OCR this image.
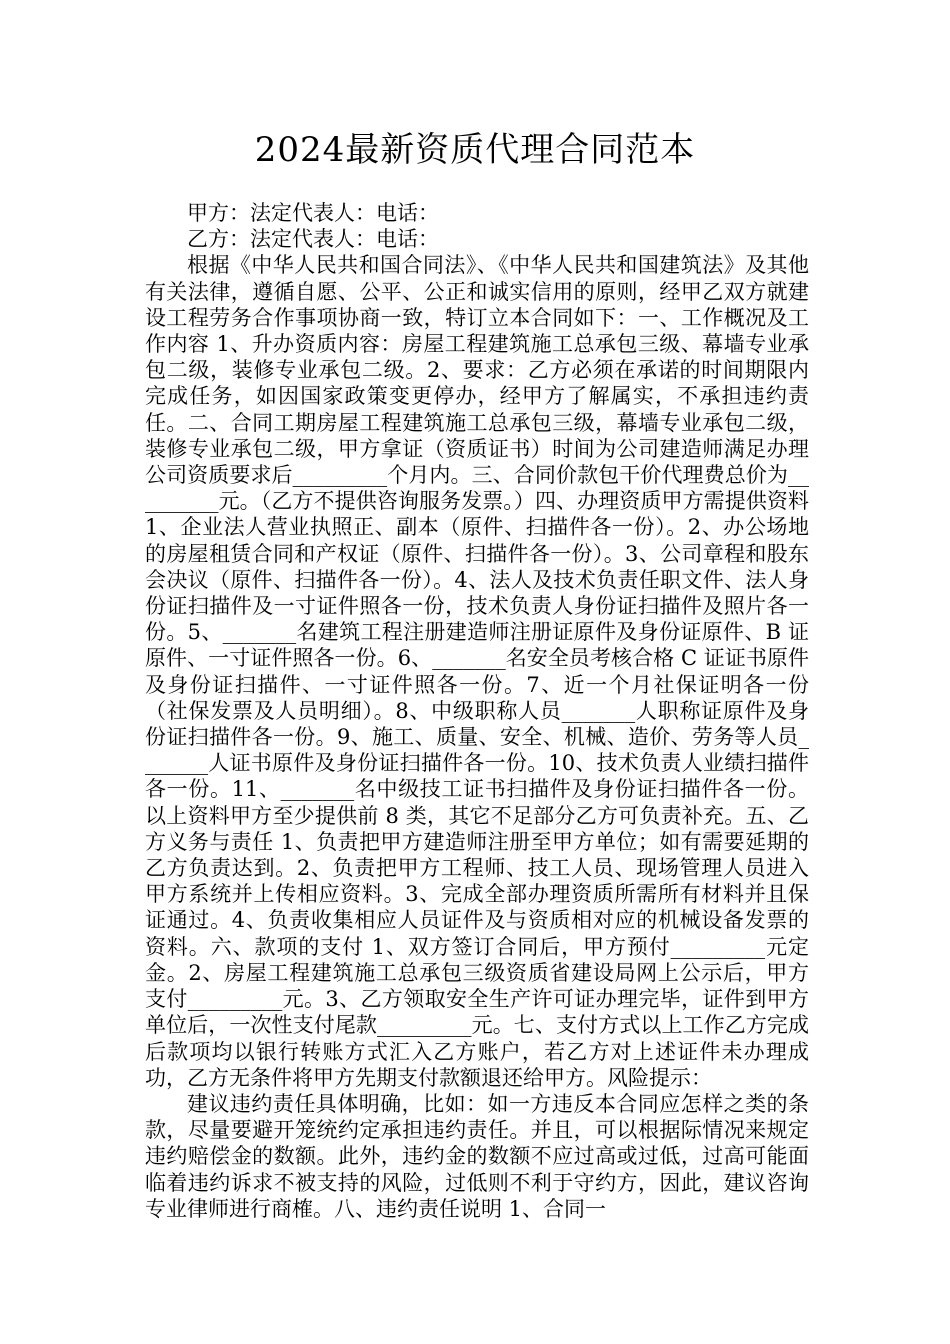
2024最新资质代理合同范本

甲方：法定代表人：电话：

乙方：法定代表人：电话：

根据《中华人民共和国合同法》、《中华人民共和国建筑法》及其他有关法律，遵循自愿、公平、公正和诚实信用的原则，经甲乙双方就建设工程劳务合作事项协商一致，特订立本合同如下：一、工作概况及工作内容 1、升办资质内容：房屋工程建筑施工总承包三级、幕墙专业承包二级，装修专业承包二级。2、要求：乙方必须在承诺的时间期限内完成任务，如因国家政策变更停办，经甲方了解属实，不承担违约责任。二、合同工期房屋工程建筑施工总承包三级，幕墙专业承包二级，装修专业承包二级，甲方拿证（资质证书）时间为公司建造师满足办理公司资质要求后_________个月内。三、合同价款包干价代理费总价为_________元。（乙方不提供咨询服务发票。）四、办理资质甲方需提供资料 1、企业法人营业执照正、副本（原件、扫描件各一份）。2、办公场地的房屋租赁合同和产权证（原件、扫描件各一份）。3、公司章程和股东会决议（原件、扫描件各一份）。4、法人及技术负责任职文件、法人身份证扫描件及一寸证件照各一份，技术负责人身份证扫描件及照片各一份。5、_______名建筑工程注册建造师注册证原件及身份证原件、B 证原件、一寸证件照各一份。6、_______名安全员考核合格 C 证证书原件及身份证扫描件、一寸证件照各一份。7、近一个月社保证明各一份（社保发票及人员明细）。8、中级职称人员_______人职称证原件及身份证扫描件各一份。9、施工、质量、安全、机械、造价、劳务等人员_______人证书原件及身份证扫描件各一份。10、技术负责人业绩扫描件各一份。11、_______名中级技工证书扫描件及身份证扫描件各一份。以上资料甲方至少提供前 8 类，其它不足部分乙方可负责补充。五、乙方义务与责任 1、负责把甲方建造师注册至甲方单位；如有需要延期的乙方负责达到。2、负责把甲方工程师、技工人员、现场管理人员进入甲方系统并上传相应资料。3、完成全部办理资质所需所有材料并且保证通过。4、负责收集相应人员证件及与资质相对应的机械设备发票的资料。六、款项的支付 1、双方签订合同后，甲方预付_________元定金。2、房屋工程建筑施工总承包三级资质省建设局网上公示后，甲方支付_________元。3、乙方领取安全生产许可证办理完毕，证件到甲方单位后，一次性支付尾款_________元。七、支付方式以上工作乙方完成后款项均以银行转账方式汇入乙方账户，若乙方对上述证件未办理成功，乙方无条件将甲方先期支付款额退还给甲方。风险提示：

建议违约责任具体明确，比如：如一方违反本合同应怎样之类的条款，尽量要避开笼统约定承担违约责任。并且，可以根据际情况来规定违约赔偿金的数额。此外，违约金的数额不应过高或过低，过高可能面临着违约诉求不被支持的风险，过低则不利于守约方，因此，建议咨询专业律师进行商榷。八、违约责任说明 1、合同一
